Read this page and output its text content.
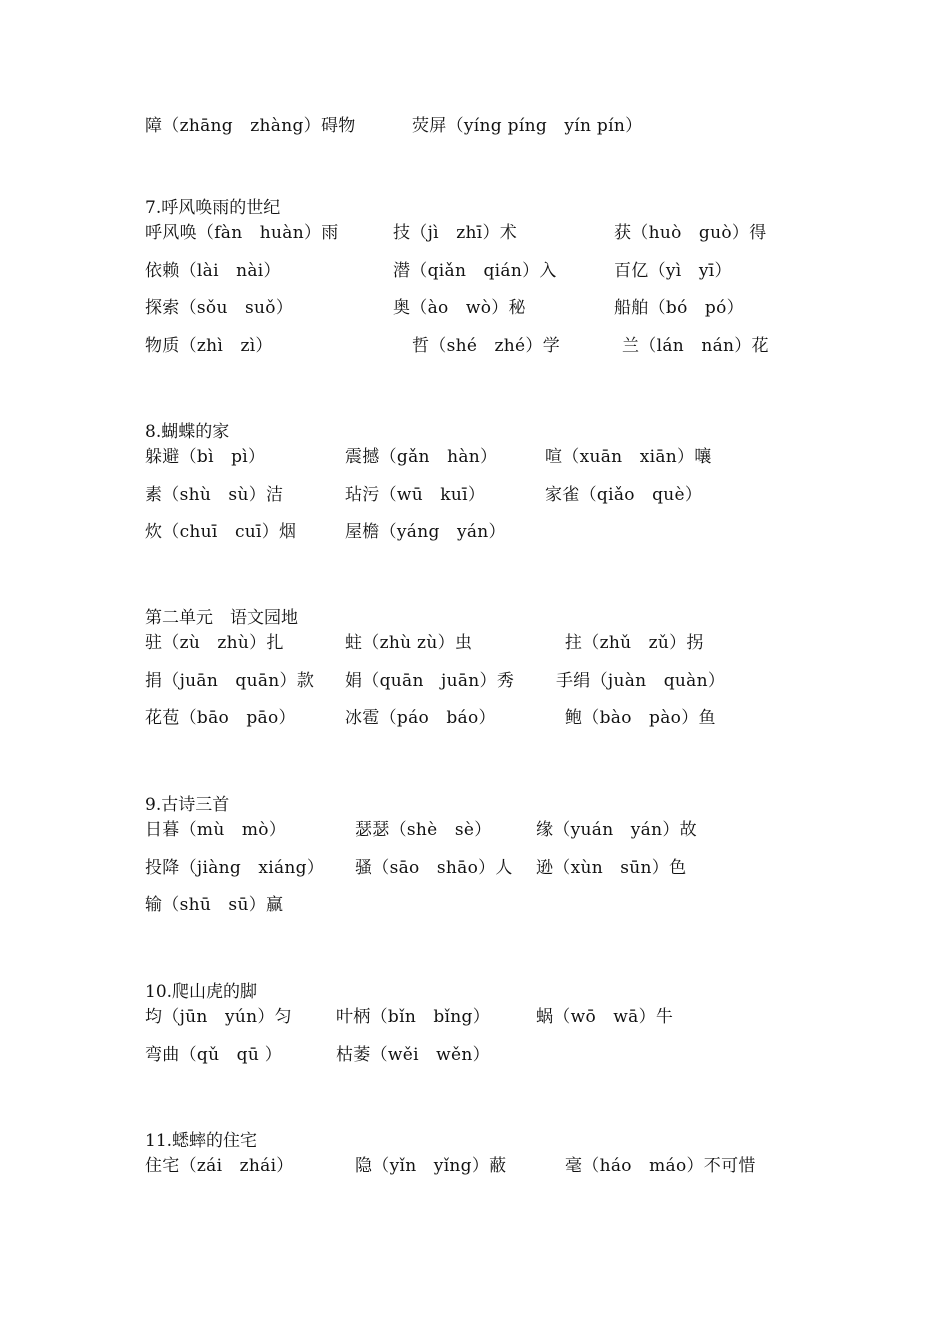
障（zhāng　zhàng）碍物	荧屏（yíng píng　yín pín）
7.呼风唤雨的世纪
呼风唤（fàn　huàn）雨	技（jì　zhī）术	获（huò　guò）得
依赖（lài　nài）	潜（qiǎn　qián）入	百亿（yì　yī）
探索（sǒu　suǒ）	奥（ào　wò）秘	船舶（bó　pó）
物质（zhì　zì）	哲（shé　zhé）学	兰（lán　nán）花
8.蝴蝶的家
躲避（bì　pì）	震撼（gǎn　hàn）	喧（xuān　xiān）嚷
素（shù　sù）洁	玷污（wū　kuī）	家雀（qiǎo　què）
炊（chuī　cuī）烟	屋檐（yáng　yán）
第二单元　语文园地
驻（zù　zhù）扎	蛀（zhù zù）虫	拄（zhǔ　zǔ）拐
捐（juān　quān）款 娟（quān　juān）秀 手绢（juàn　quàn）
花苞（bāo　pāo）	冰雹（páo　báo）	鲍（bào　pào）鱼
9.古诗三首
日暮（mù　mò）	瑟瑟（shè　sè）	缘（yuán　yán）故
投降（jiàng　xiáng） 骚（sāo　shāo）人 逊（xùn　sūn）色
输（shū　sū）赢
10.爬山虎的脚
均（jūn　yún）匀	叶柄（bǐn　bǐng）	蜗（wō　wā）牛
弯曲（qǔ　qū ）	枯萎（wěi　wěn）
11.蟋蟀的住宅
住宅（zái　zhái）	隐（yǐn　yǐng）蔽	毫（háo　máo）不可惜
